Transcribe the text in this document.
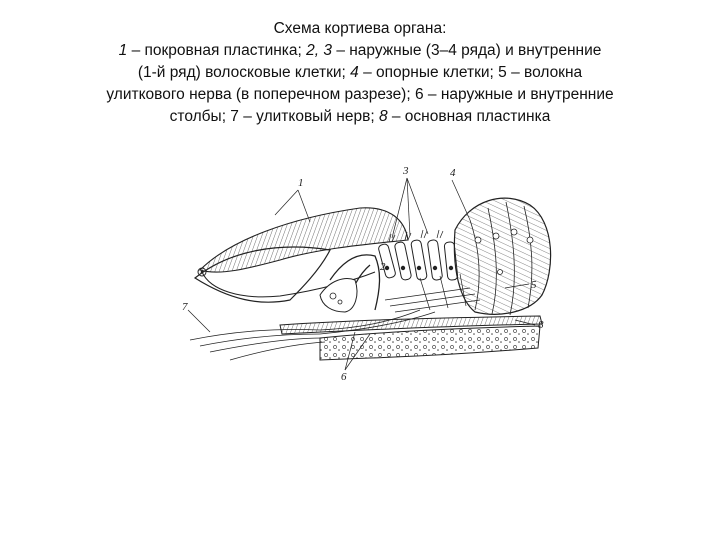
Схема кортиева органа:
1 – покровная пластинка; 2, 3 – наружные (3–4 ряда) и внутренние
(1-й ряд) волосковые клетки; 4 – опорные клетки; 5 – волокна
улиткового нерва (в поперечном разрезе); 6 – наружные и внутренние
столбы; 7 – улитковый нерв; 8 – основная пластинка
1
2
3	4
5
6
7
8
